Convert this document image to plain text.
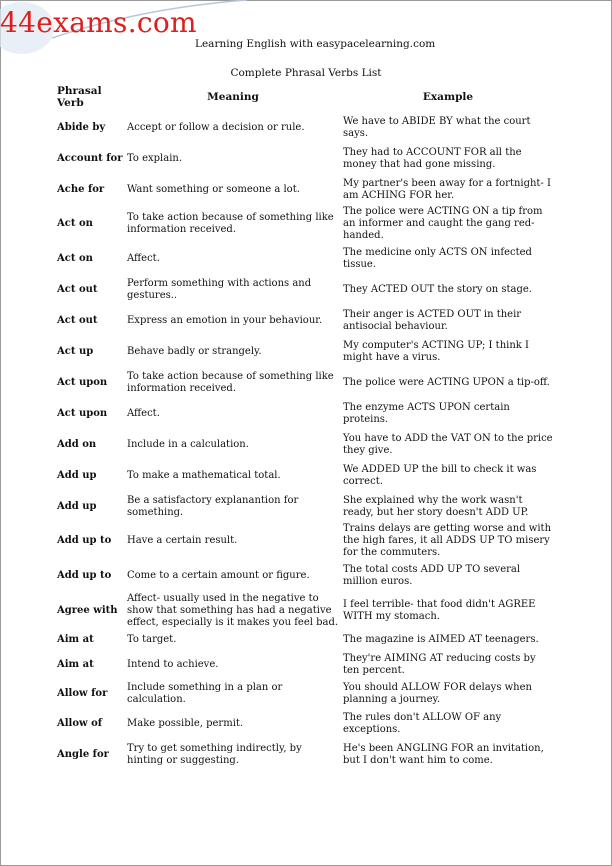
44exams.com
Learning English with easypacelearning.com
Complete Phrasal Verbs List
Phrasal Verb	Meaning	Example
Abide by	Accept or follow a decision or rule.	We have to ABIDE BY what the court says.
Account for	To explain.	They had to ACCOUNT FOR all the money that had gone missing.
Ache for	Want something or someone a lot.	My partner's been away for a fortnight- I am ACHING FOR her.
Act on	To take action because of something like information received.	The police were ACTING ON a tip from an informer and caught the gang red-handed.
Act on	Affect.	The medicine only ACTS ON infected tissue.
Act out	Perform something with actions and gestures..	They ACTED OUT the story on stage.
Act out	Express an emotion in your behaviour.	Their anger is ACTED OUT in their antisocial behaviour.
Act up	Behave badly or strangely.	My computer's ACTING UP; I think I might have a virus.
Act upon	To take action because of something like information received.	The police were ACTING UPON a tip-off.
Act upon	Affect.	The enzyme ACTS UPON certain proteins.
Add on	Include in a calculation.	You have to ADD the VAT ON to the price they give.
Add up	To make a mathematical total.	We ADDED UP the bill to check it was correct.
Add up	Be a satisfactory explanantion for something.	She explained why the work wasn't ready, but her story doesn't ADD UP.
Add up to	Have a certain result.	Trains delays are getting worse and with the high fares, it all ADDS UP TO misery for the commuters.
Add up to	Come to a certain amount or figure.	The total costs ADD UP TO several million euros.
Agree with	Affect- usually used in the negative to show that something has had a negative effect, especially is it makes you feel bad.	I feel terrible- that food didn't AGREE WITH my stomach.
Aim at	To target.	The magazine is AIMED AT teenagers.
Aim at	Intend to achieve.	They're AIMING AT reducing costs by ten percent.
Allow for	Include something in a plan or calculation.	You should ALLOW FOR delays when planning a journey.
Allow of	Make possible, permit.	The rules don't ALLOW OF any exceptions.
Angle for	Try to get something indirectly, by hinting or suggesting.	He's been ANGLING FOR an invitation, but I don't want him to come.
